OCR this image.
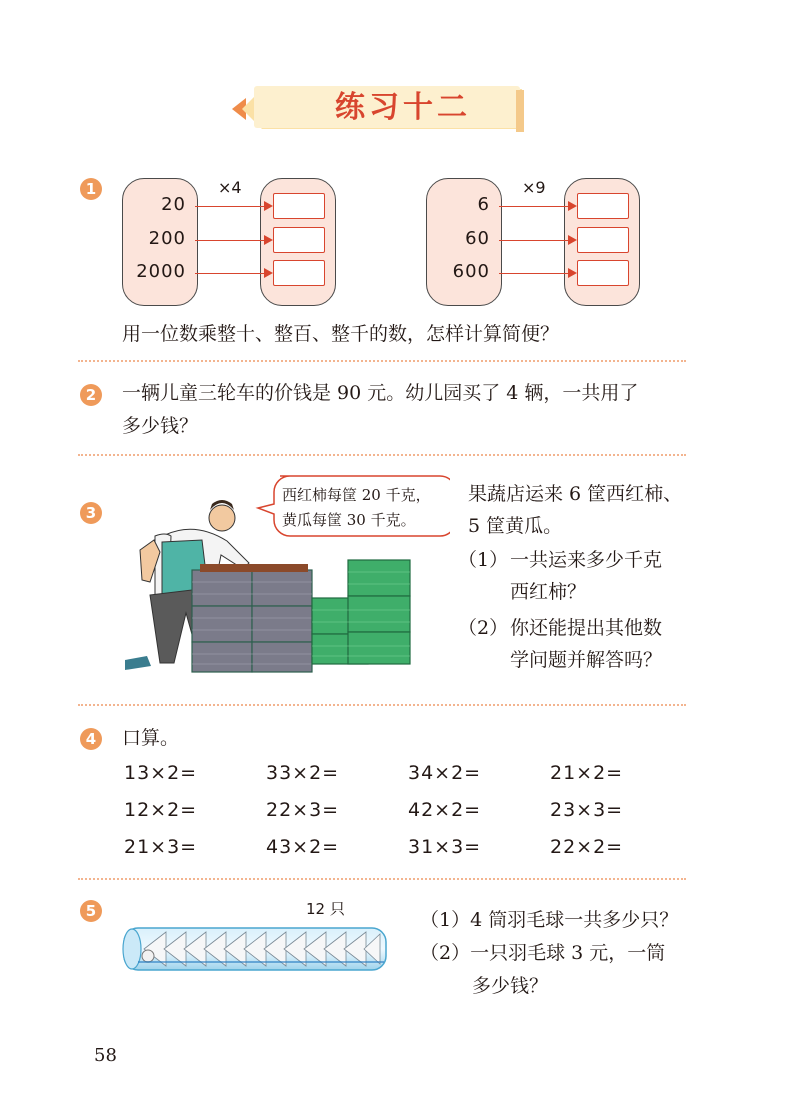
练习十二
1	×4
20
200
2000
×9
6
60
600
用一位数乘整十、整百、整千的数，怎样计算简便？
2	一辆儿童三轮车的价钱是 90 元。幼儿园买了 4 辆，一共用了
多少钱？
3
西红柿每筐 20 千克，
黄瓜每筐 30 千克。
果蔬店运来 6 筐西红柿、
5 筐黄瓜。
（1） 一共运来多少千克
西红柿？
（2） 你还能提出其他数
学问题并解答吗？
4	口算。
13×2=	33×2=	34×2=	21×2=
12×2=	22×3=	42×2=	23×3=
21×3=	43×2=	31×3=	22×2=
5	12 只	（1）4 筒羽毛球一共多少只？
（2）一只羽毛球 3 元，一筒
多少钱？
58
